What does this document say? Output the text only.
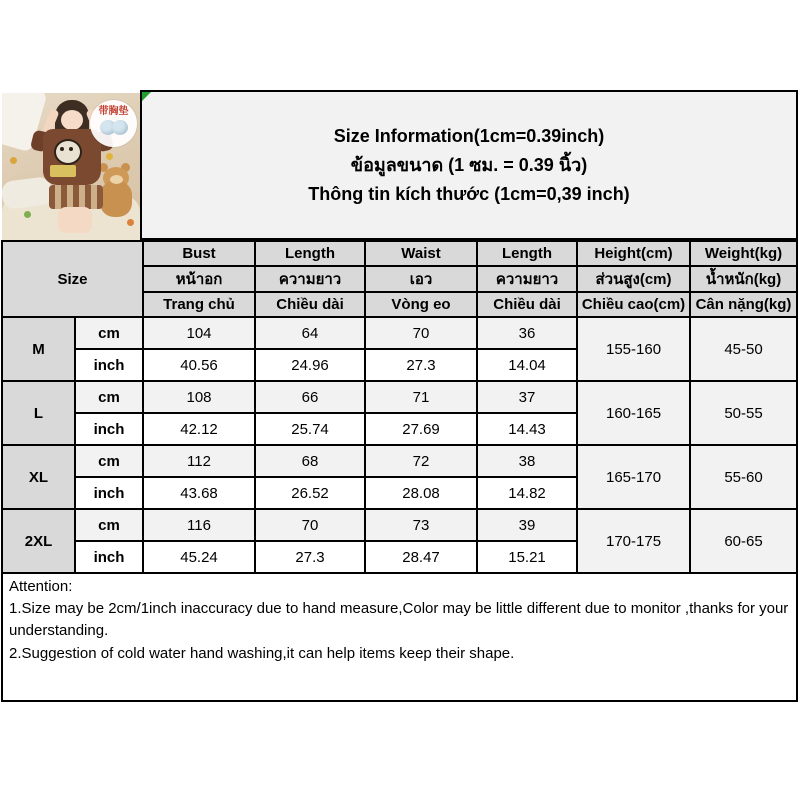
带胸垫
Size Information(1cm=0.39inch)
ข้อมูลขนาด (1 ซม. = 0.39 นิ้ว)
Thông tin kích thước (1cm=0,39 inch)
Size		Bust	Length	Waist	Length	Height(cm)	Weight(kg)
		หน้าอก	ความยาว	เอว	ความยาว	ส่วนสูง(cm)	น้ำหนัก(kg)
		Trang chủ	Chiều dài	Vòng eo	Chiều dài	Chiều cao(cm)	Cân nặng(kg)
M	cm	104	64	70	36	155-160	45-50
	inch	40.56	24.96	27.3	14.04		
L	cm	108	66	71	37	160-165	50-55
	inch	42.12	25.74	27.69	14.43		
XL	cm	112	68	72	38	165-170	55-60
	inch	43.68	26.52	28.08	14.82		
2XL	cm	116	70	73	39	170-175	60-65
	inch	45.24	27.3	28.47	15.21		
Attention:
1.Size may be 2cm/1inch inaccuracy due to hand measure,Color may be little different due to monitor ,thanks for your understanding.
2.Suggestion of cold water hand washing,it can help items keep their shape.
